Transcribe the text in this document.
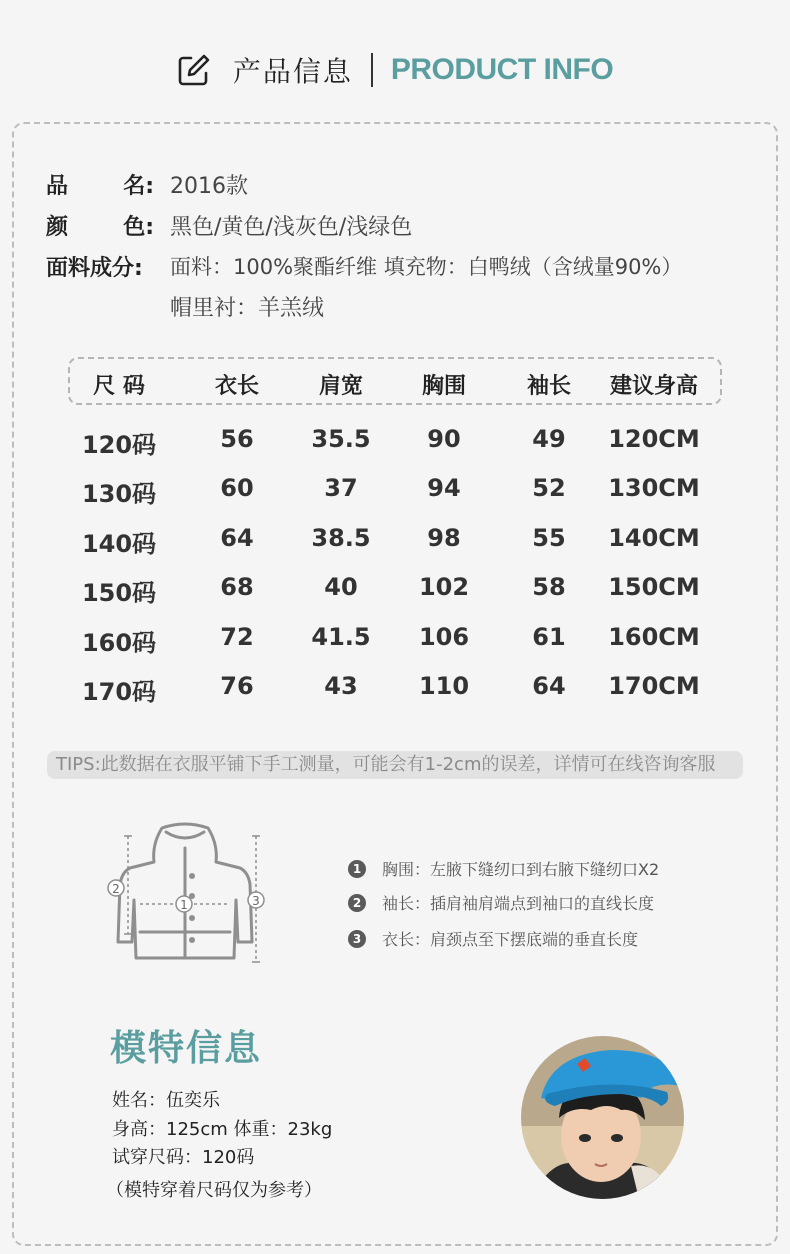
产品信息 PRODUCT INFO
品	名: 2016款
颜	色: 黑色/黄色/浅灰色/浅绿色
面料成分:	面料：100%聚酯纤维 填充物：白鸭绒（含绒量90%）
帽里衬：羊羔绒
尺 码	衣长	肩宽	胸围	袖长	建议身高
120码	56	35.5	90	49	120CM
130码	60	37	94	52	130CM
140码	64	38.5	98	55	140CM
150码	68	40	102	58	150CM
160码	72	41.5	106	61	160CM
170码	76	43	110	64	170CM
TIPS:此数据在衣服平铺下手工测量，可能会有1-2cm的误差，详情可在线咨询客服
1
2
3
1	胸围：左腋下缝纫口到右腋下缝纫口X2
2	袖长：插肩袖肩端点到袖口的直线长度
3	衣长：肩颈点至下摆底端的垂直长度
模特信息
姓名：伍奕乐
身高：125cm 体重：23kg
试穿尺码：120码
（模特穿着尺码仅为参考）
